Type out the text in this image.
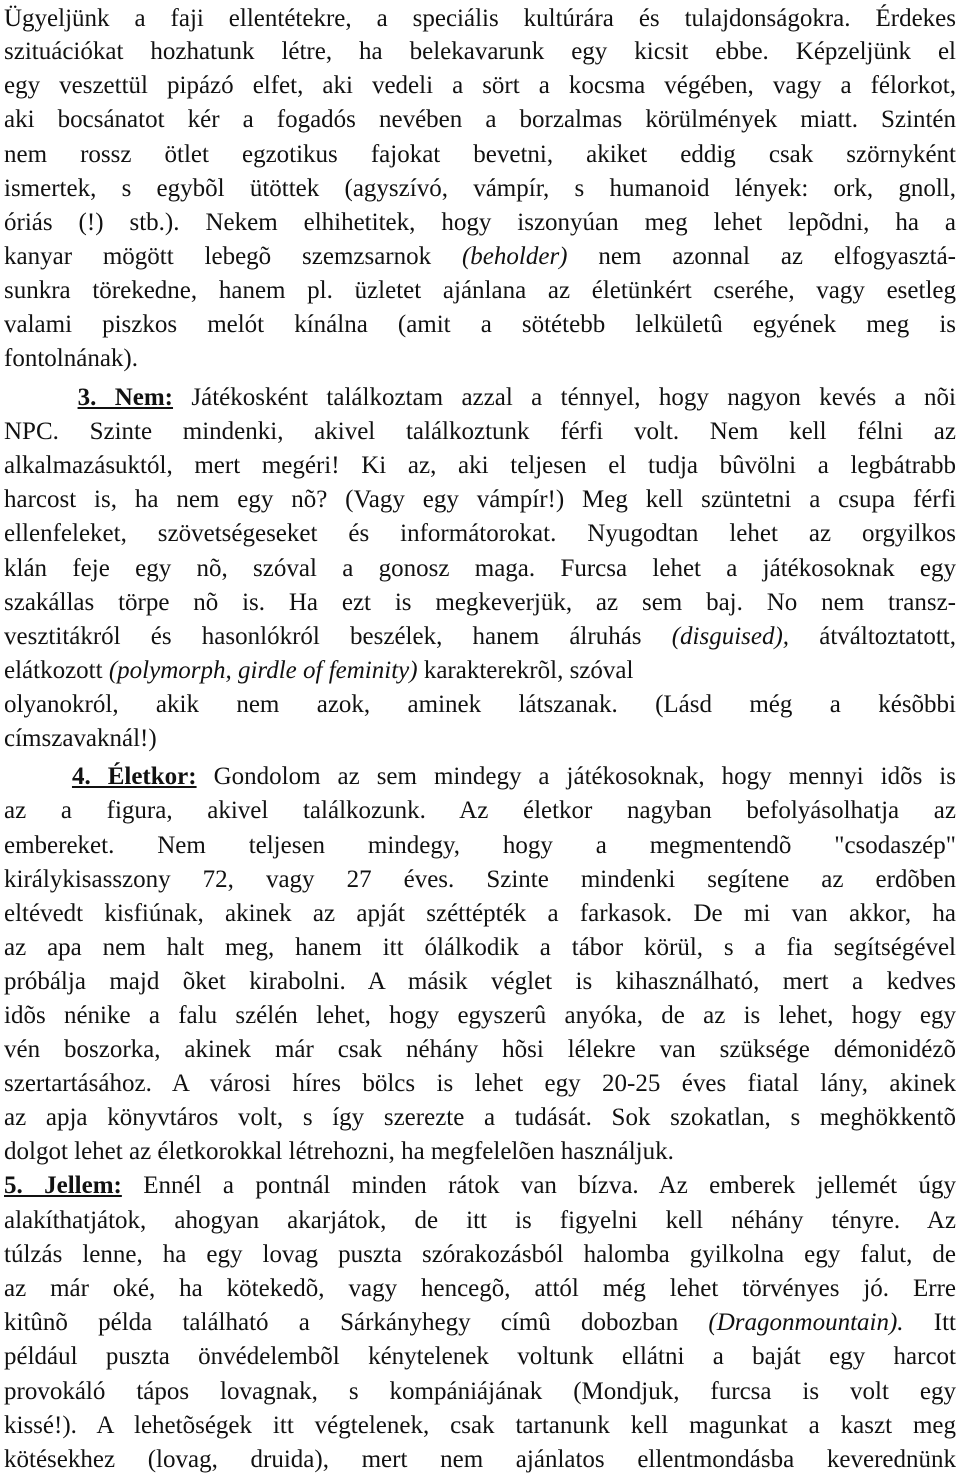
Ügyeljünk a faji ellentétekre, a speciális kultúrára és tulajdonságokra. Érdekes
szituációkat hozhatunk létre, ha belekavarunk egy kicsit ebbe. Képzeljünk el
egy veszettül pipázó elfet, aki vedeli a sört a kocsma végében, vagy a félorkot,
aki bocsánatot kér a fogadós nevében a borzalmas körülmények miatt. Szintén
nem rossz ötlet egzotikus fajokat bevetni, akiket eddig csak szörnyként
ismertek, s egybõl ütöttek (agyszívó, vámpír, s humanoid lények: ork, gnoll,
óriás (!) stb.). Nekem elhihetitek, hogy iszonyúan meg lehet lepõdni, ha a
kanyar mögött lebegõ szemzsarnok (beholder) nem azonnal az elfogyasztá-
sunkra törekedne, hanem pl. üzletet ajánlana az életünkért cseréhe, vagy esetleg
valami piszkos melót kínálna (amit a sötétebb lelkületû egyének meg is
fontolnának).
3. Nem: Játékosként találkoztam azzal a ténnyel, hogy nagyon kevés a nõi
NPC. Szinte mindenki, akivel találkoztunk férfi volt. Nem kell félni az
alkalmazásuktól, mert megéri! Ki az, aki teljesen el tudja bûvölni a legbátrabb
harcost is, ha nem egy nõ? (Vagy egy vámpír!) Meg kell szüntetni a csupa férfi
ellenfeleket, szövetségeseket és informátorokat. Nyugodtan lehet az orgyilkos
klán feje egy nõ, szóval a gonosz maga. Furcsa lehet a játékosoknak egy
szakállas törpe nõ is. Ha ezt is megkeverjük, az sem baj. No nem transz-
vesztitákról és hasonlókról beszélek, hanem álruhás (disguised), átváltoztatott,
elátkozott (polymorph, girdle of feminity) karakterekrõl, szóval
olyanokról, akik nem azok, aminek látszanak. (Lásd még a késõbbi
címszavaknál!)
4. Életkor: Gondolom az sem mindegy a játékosoknak, hogy mennyi idõs is
az a figura, akivel találkozunk. Az életkor nagyban befolyásolhatja az
embereket. Nem teljesen mindegy, hogy a megmentendõ "csodaszép"
királykisasszony 72, vagy 27 éves. Szinte mindenki segítene az erdõben
eltévedt kisfiúnak, akinek az apját széttépték a farkasok. De mi van akkor, ha
az apa nem halt meg, hanem itt ólálkodik a tábor körül, s a fia segítségével
próbálja majd õket kirabolni. A másik véglet is kihasználható, mert a kedves
idõs nénike a falu szélén lehet, hogy egyszerû anyóka, de az is lehet, hogy egy
vén boszorka, akinek már csak néhány hõsi lélekre van szüksége démonidézõ
szertartásához. A városi híres bölcs is lehet egy 20-25 éves fiatal lány, akinek
az apja könyvtáros volt, s így szerezte a tudását. Sok szokatlan, s meghökkentõ
dolgot lehet az életkorokkal létrehozni, ha megfelelõen használjuk.
5. Jellem: Ennél a pontnál minden rátok van bízva. Az emberek jellemét úgy
alakíthatjátok, ahogyan akarjátok, de itt is figyelni kell néhány tényre. Az
túlzás lenne, ha egy lovag puszta szórakozásból halomba gyilkolna egy falut, de
az már oké, ha kötekedõ, vagy hencegõ, attól még lehet törvényes jó. Erre
kitûnõ példa található a Sárkányhegy címû dobozban (Dragonmountain). Itt
például puszta önvédelembõl kénytelenek voltunk ellátni a baját egy harcot
provokáló tápos lovagnak, s kompániájának (Mondjuk, furcsa is volt egy
kissé!). A lehetõségek itt végtelenek, csak tartanunk kell magunkat a kaszt meg
kötésekhez (lovag, druida), mert nem ajánlatos ellentmondásba keverednünk
